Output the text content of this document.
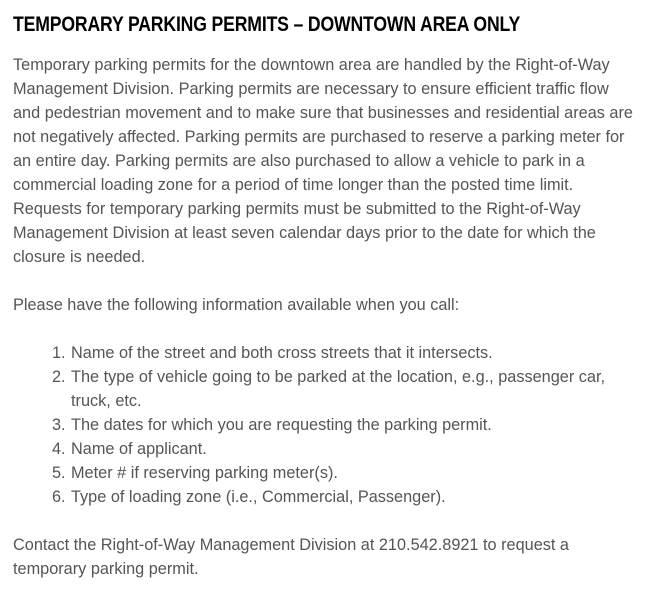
TEMPORARY PARKING PERMITS – DOWNTOWN AREA ONLY

Temporary parking permits for the downtown area are handled by the Right-of-Way Management Division. Parking permits are necessary to ensure efficient traffic flow and pedestrian movement and to make sure that businesses and residential areas are not negatively affected. Parking permits are purchased to reserve a parking meter for an entire day. Parking permits are also purchased to allow a vehicle to park in a commercial loading zone for a period of time longer than the posted time limit. Requests for temporary parking permits must be submitted to the Right-of-Way Management Division at least seven calendar days prior to the date for which the closure is needed.

Please have the following information available when you call:

1. Name of the street and both cross streets that it intersects.
2. The type of vehicle going to be parked at the location, e.g., passenger car, truck, etc.
3. The dates for which you are requesting the parking permit.
4. Name of applicant.
5. Meter # if reserving parking meter(s).
6. Type of loading zone (i.e., Commercial, Passenger).

Contact the Right-of-Way Management Division at 210.542.8921 to request a temporary parking permit.
